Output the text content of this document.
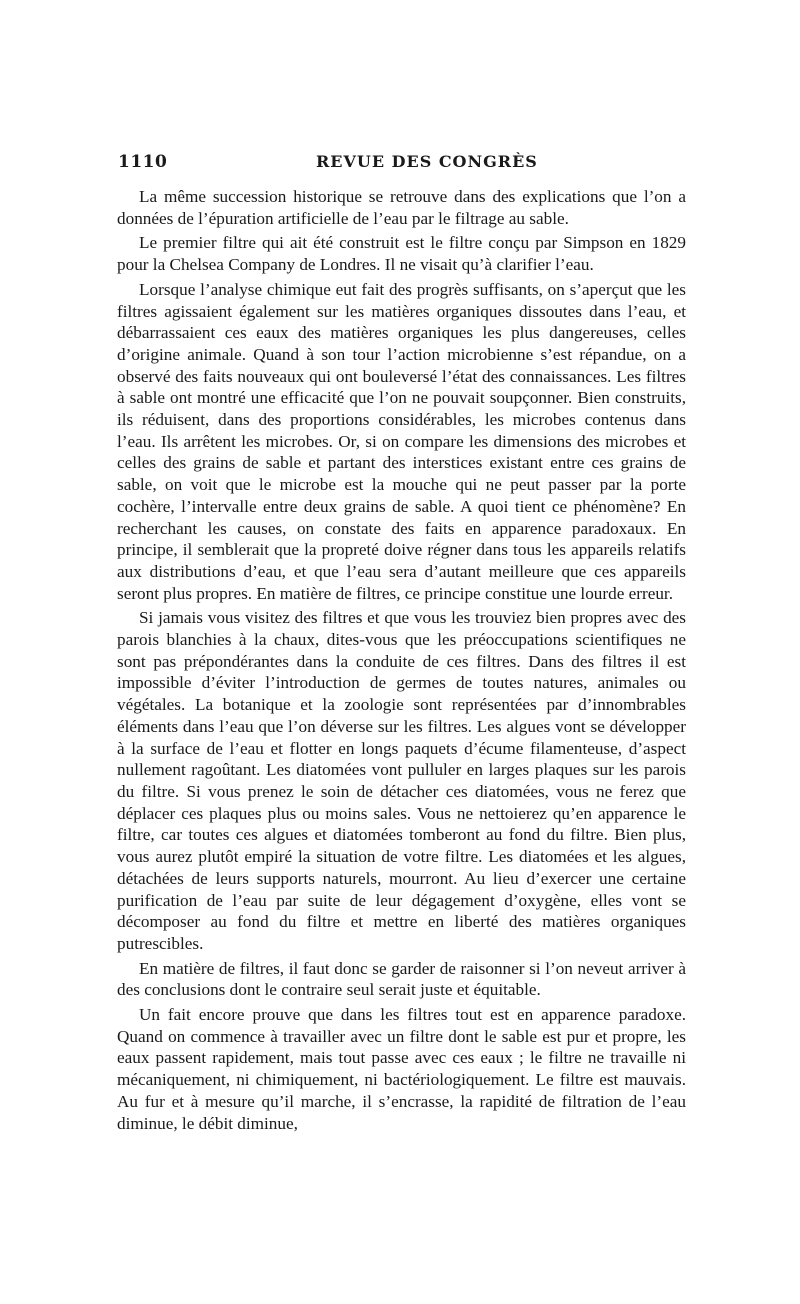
1110	REVUE DES CONGRÈS

La même succession historique se retrouve dans des explications que l’on a données de l’épuration artificielle de l’eau par le filtrage au sable.

Le premier filtre qui ait été construit est le filtre conçu par Simpson en 1829 pour la Chelsea Company de Londres. Il ne visait qu’à clarifier l’eau.

Lorsque l’analyse chimique eut fait des progrès suffisants, on s’aperçut que les filtres agissaient également sur les matières organiques dissoutes dans l’eau, et débarrassaient ces eaux des matières organiques les plus dangereuses, celles d’origine animale. Quand à son tour l’action microbienne s’est répandue, on a observé des faits nouveaux qui ont bouleversé l’état des connaissances. Les filtres à sable ont montré une efficacité que l’on ne pouvait soupçonner. Bien construits, ils réduisent, dans des proportions considérables, les microbes contenus dans l’eau. Ils arrêtent les microbes. Or, si on compare les dimensions des microbes et celles des grains de sable et partant des interstices existant entre ces grains de sable, on voit que le microbe est la mouche qui ne peut passer par la porte cochère, l’intervalle entre deux grains de sable. A quoi tient ce phénomène? En recherchant les causes, on constate des faits en apparence paradoxaux. En principe, il semblerait que la propreté doive régner dans tous les appareils relatifs aux distributions d’eau, et que l’eau sera d’autant meilleure que ces appareils seront plus propres. En matière de filtres, ce principe constitue une lourde erreur.

Si jamais vous visitez des filtres et que vous les trouviez bien propres avec des parois blanchies à la chaux, dites-vous que les préoccupations scientifiques ne sont pas prépondérantes dans la conduite de ces filtres. Dans des filtres il est impossible d’éviter l’introduction de germes de toutes natures, animales ou végétales. La botanique et la zoologie sont représentées par d’innombrables éléments dans l’eau que l’on déverse sur les filtres. Les algues vont se développer à la surface de l’eau et flotter en longs paquets d’écume filamenteuse, d’aspect nullement ragoûtant. Les diatomées vont pulluler en larges plaques sur les parois du filtre. Si vous prenez le soin de détacher ces diatomées, vous ne ferez que déplacer ces plaques plus ou moins sales. Vous ne nettoierez qu’en apparence le filtre, car toutes ces algues et diatomées tomberont au fond du filtre. Bien plus, vous aurez plutôt empiré la situation de votre filtre. Les diatomées et les algues, détachées de leurs supports naturels, mourront. Au lieu d’exercer une certaine purification de l’eau par suite de leur dégagement d’oxygène, elles vont se décomposer au fond du filtre et mettre en liberté des matières organiques putrescibles.

En matière de filtres, il faut donc se garder de raisonner si l’on neveut arriver à des conclusions dont le contraire seul serait juste et équitable.

Un fait encore prouve que dans les filtres tout est en apparence paradoxe. Quand on commence à travailler avec un filtre dont le sable est pur et propre, les eaux passent rapidement, mais tout passe avec ces eaux ; le filtre ne travaille ni mécaniquement, ni chimiquement, ni bactériologiquement. Le filtre est mauvais. Au fur et à mesure qu’il marche, il s’encrasse, la rapidité de filtration de l’eau diminue, le débit diminue,
